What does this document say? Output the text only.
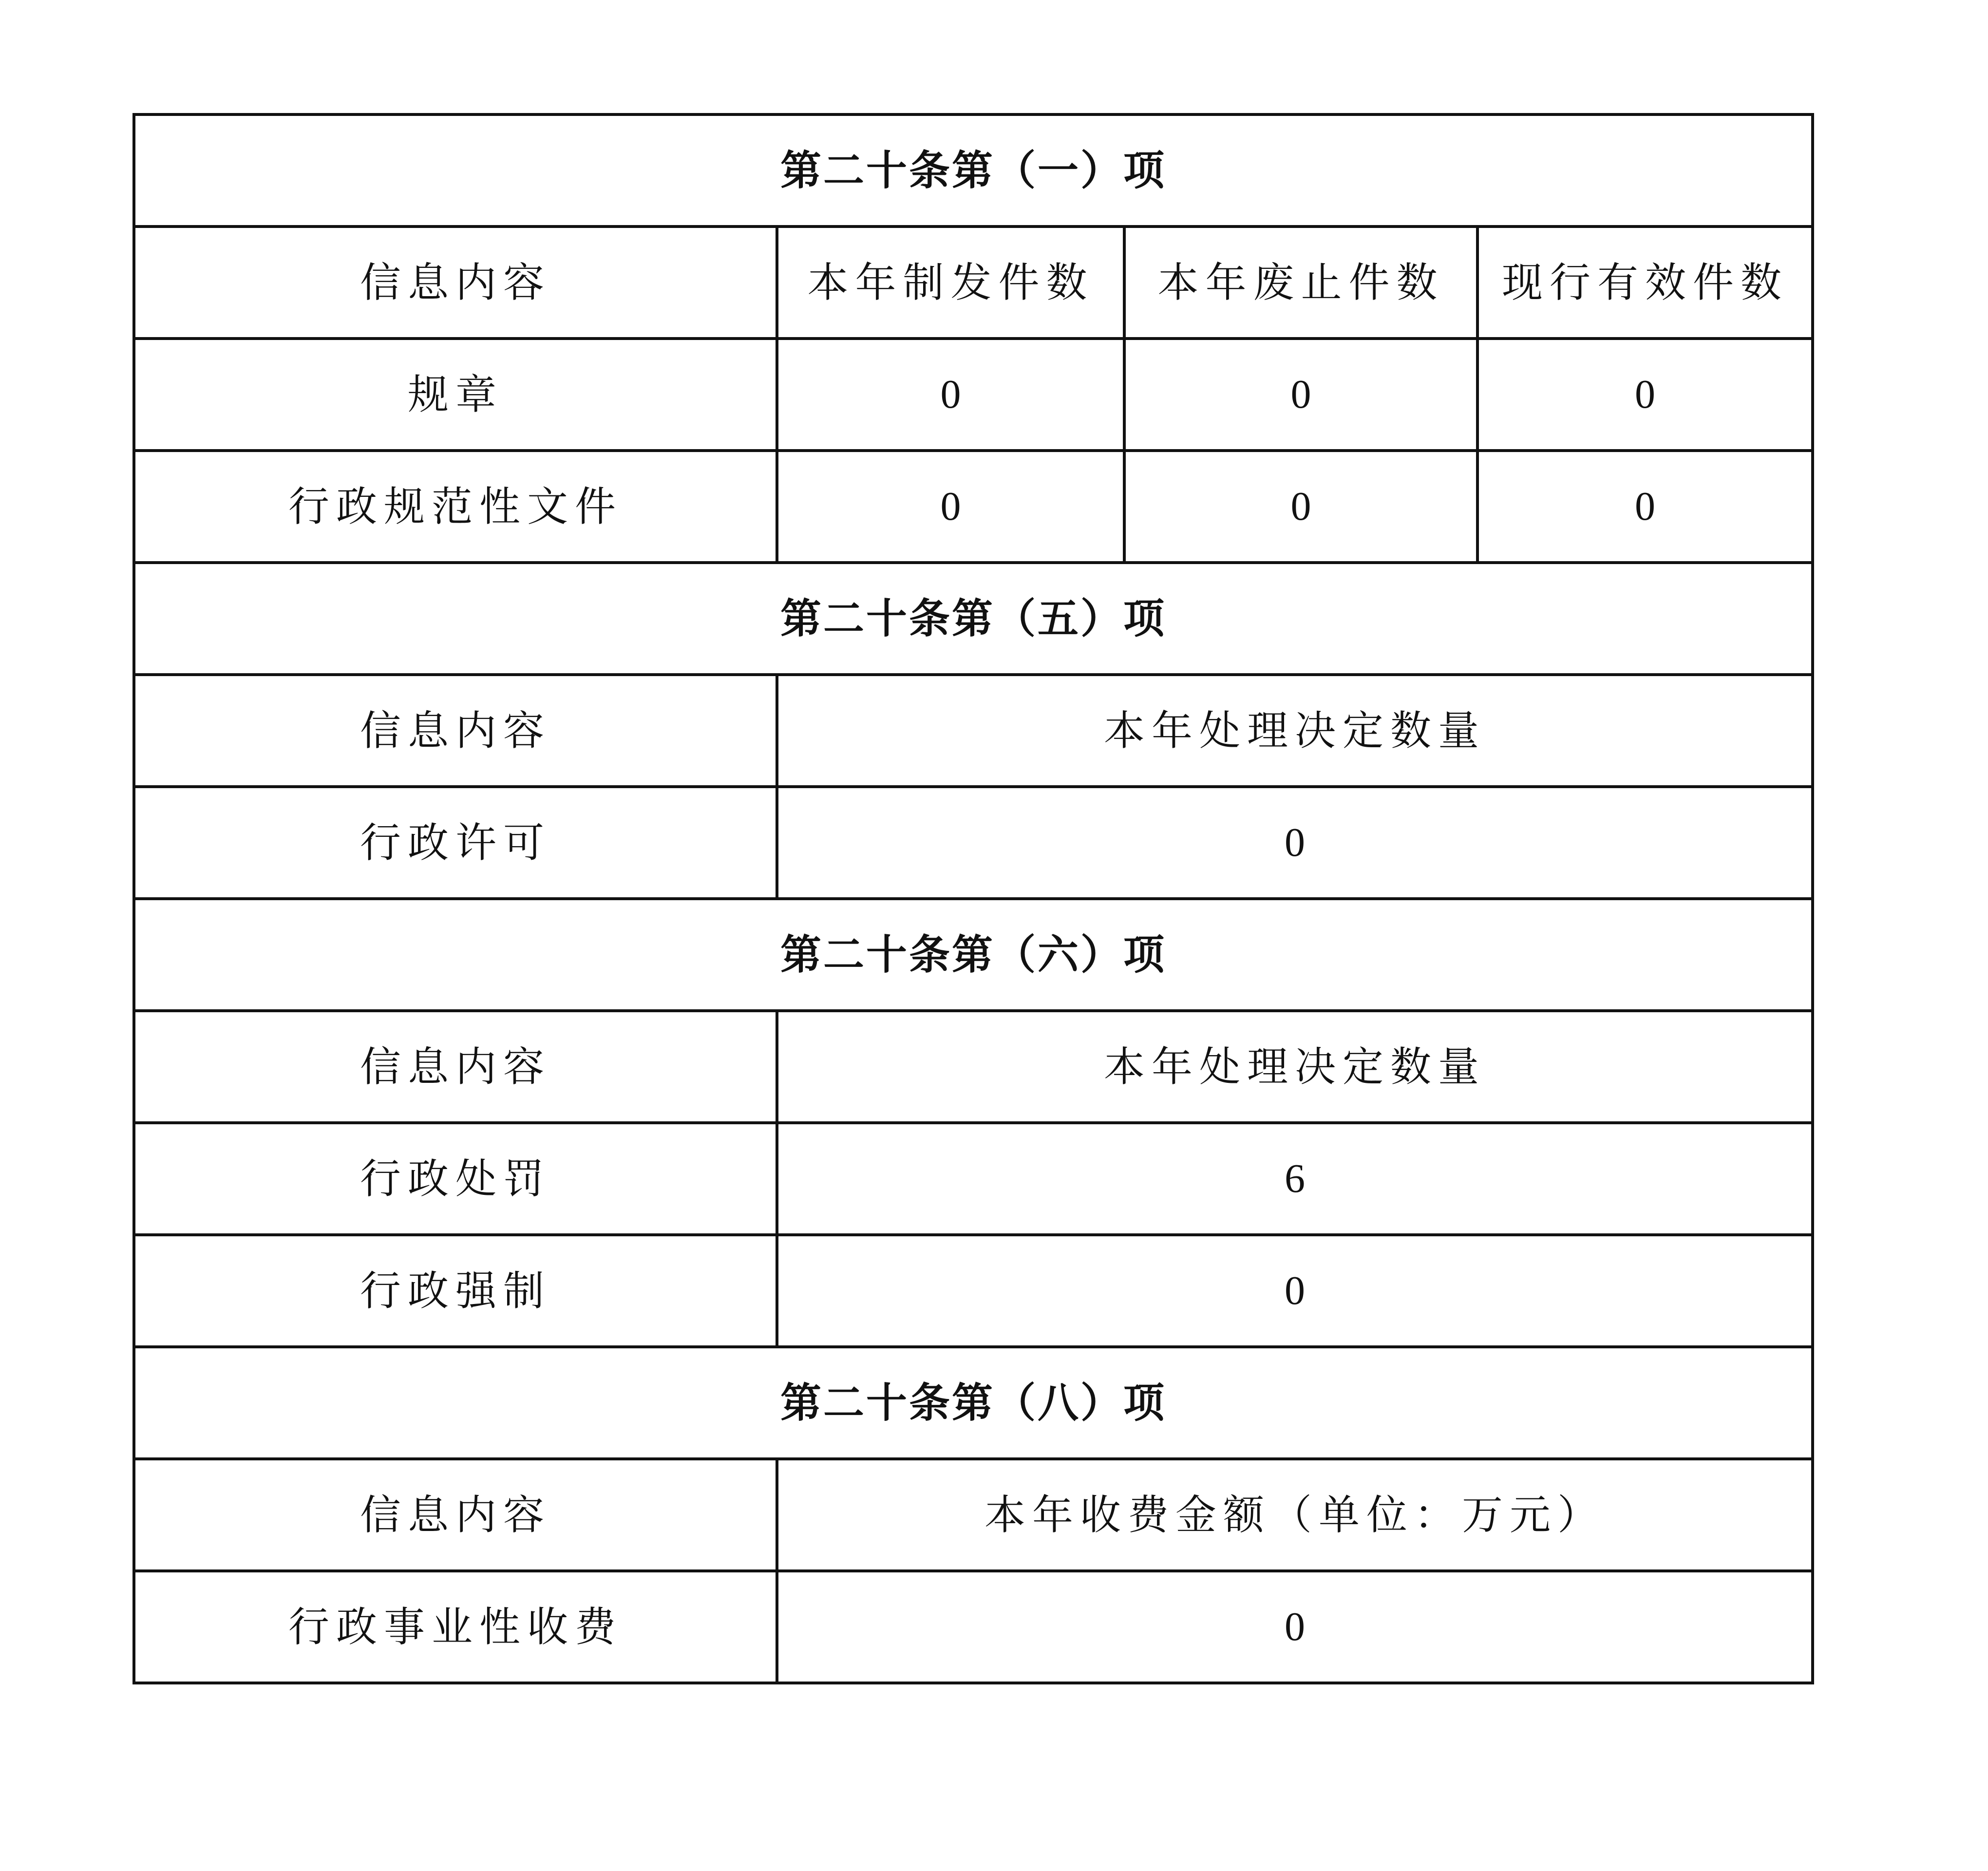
第二十条第（一）项			
信息内容	本年制发件数	本年废止件数	现行有效件数
规章	0	0	0
行政规范性文件	0	0	0
第二十条第（五）项			
信息内容	本年处理决定数量		
行政许可	0		
第二十条第（六）项			
信息内容	本年处理决定数量		
行政处罚	6		
行政强制	0		
第二十条第（八）项			
信息内容	本年收费金额（单位：万元）		
行政事业性收费	0		
